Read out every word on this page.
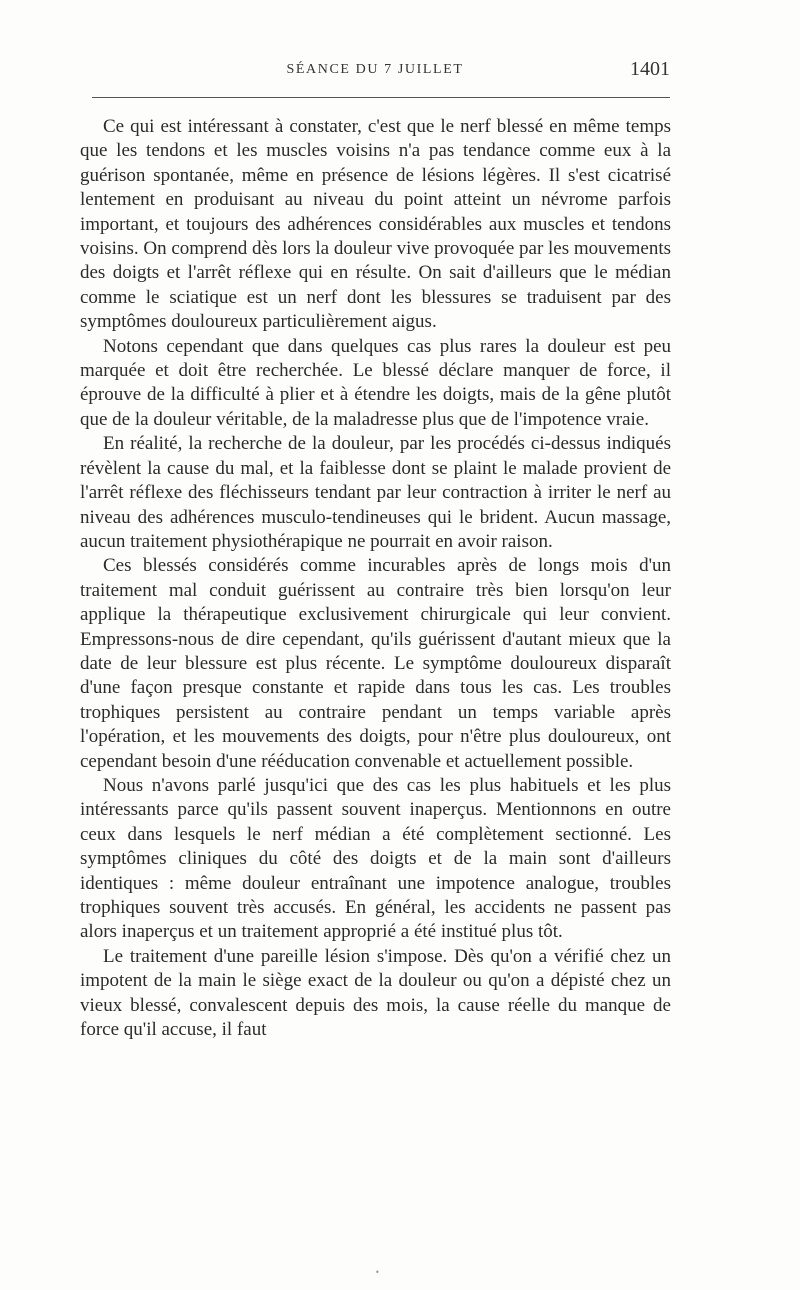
SÉANCE DU 7 JUILLET	1401

Ce qui est intéressant à constater, c'est que le nerf blessé en même temps que les tendons et les muscles voisins n'a pas tendance comme eux à la guérison spontanée, même en présence de lésions légères. Il s'est cicatrisé lentement en produisant au niveau du point atteint un névrome parfois important, et toujours des adhérences considérables aux muscles et tendons voisins. On comprend dès lors la douleur vive provoquée par les mouvements des doigts et l'arrêt réflexe qui en résulte. On sait d'ailleurs que le médian comme le sciatique est un nerf dont les blessures se traduisent par des symptômes douloureux particulièrement aigus.

Notons cependant que dans quelques cas plus rares la douleur est peu marquée et doit être recherchée. Le blessé déclare manquer de force, il éprouve de la difficulté à plier et à étendre les doigts, mais de la gêne plutôt que de la douleur véritable, de la maladresse plus que de l'impotence vraie.

En réalité, la recherche de la douleur, par les procédés ci-dessus indiqués révèlent la cause du mal, et la faiblesse dont se plaint le malade provient de l'arrêt réflexe des fléchisseurs tendant par leur contraction à irriter le nerf au niveau des adhérences musculo-tendineuses qui le brident. Aucun massage, aucun traitement physiothérapique ne pourrait en avoir raison.

Ces blessés considérés comme incurables après de longs mois d'un traitement mal conduit guérissent au contraire très bien lorsqu'on leur applique la thérapeutique exclusivement chirurgicale qui leur convient. Empressons-nous de dire cependant, qu'ils guérissent d'autant mieux que la date de leur blessure est plus récente. Le symptôme douloureux disparaît d'une façon presque constante et rapide dans tous les cas. Les troubles trophiques persistent au contraire pendant un temps variable après l'opération, et les mouvements des doigts, pour n'être plus douloureux, ont cependant besoin d'une rééducation convenable et actuellement possible.

Nous n'avons parlé jusqu'ici que des cas les plus habituels et les plus intéressants parce qu'ils passent souvent inaperçus. Mentionnons en outre ceux dans lesquels le nerf médian a été complètement sectionné. Les symptômes cliniques du côté des doigts et de la main sont d'ailleurs identiques : même douleur entraînant une impotence analogue, troubles trophiques souvent très accusés. En général, les accidents ne passent pas alors inaperçus et un traitement approprié a été institué plus tôt.

Le traitement d'une pareille lésion s'impose. Dès qu'on a vérifié chez un impotent de la main le siège exact de la douleur ou qu'on a dépisté chez un vieux blessé, convalescent depuis des mois, la cause réelle du manque de force qu'il accuse, il faut

•
